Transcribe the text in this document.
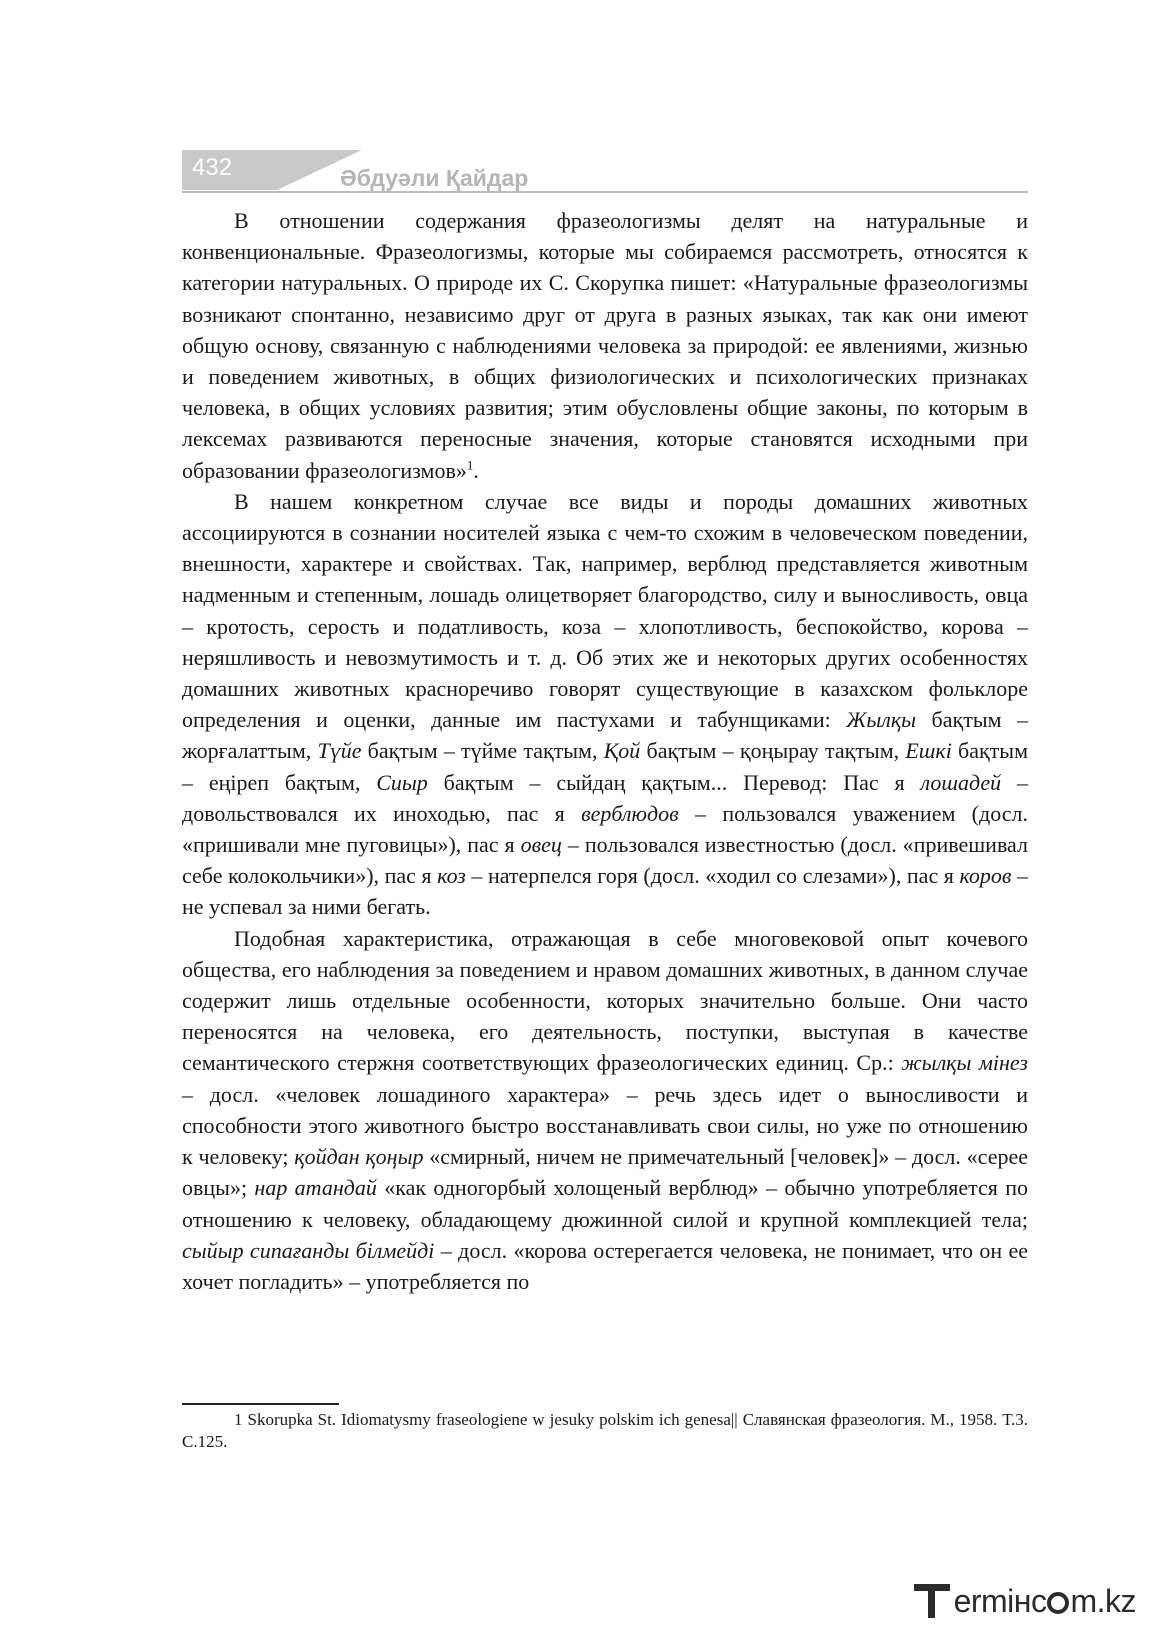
432	Әбдуәли Қайдар

В отношении содержания фразеологизмы делят на натуральные и конвенциональные. Фразеологизмы, которые мы собираемся рассмотреть, относятся к категории натуральных. О природе их С. Скорупка пишет: «Натуральные фразеологизмы возникают спонтанно, независимо друг от друга в разных языках, так как они имеют общую основу, связанную с наблюдениями человека за природой: ее явлениями, жизнью и поведением животных, в общих физиологических и психологических признаках человека, в общих условиях развития; этим обусловлены общие законы, по которым в лексемах развиваются переносные значения, которые становятся исходными при образовании фразеологизмов»$^1$.

В нашем конкретном случае все виды и породы домашних животных ассоциируются в сознании носителей языка с чем-то схожим в человеческом поведении, внешности, характере и свойствах. Так, например, верблюд представляется животным надменным и степенным, лошадь олицетворяет благородство, силу и выносливость, овца – кротость, серость и податливость, коза – хлопотливость, беспокойство, корова – неряшливость и невозмутимость и т. д. Об этих же и некоторых других особенностях домашних животных красноречиво говорят существующие в казахском фольклоре определения и оценки, данные им пастухами и табунщиками: Жылқы бақтым – жорғалаттым, Түйе бақтым – түйме тақтым, Қой бақтым – қоңырау тақтым, Ешкі бақтым – еңіреп бақтым, Сиыр бақтым – сыйдаң қақтым... Перевод: Пас я лошадей – довольствовался их иноходью, пас я верблюдов – пользовался уважением (досл. «пришивали мне пуговицы»), пас я овец – пользовался известностью (досл. «привешивал себе колокольчики»), пас я коз – натерпелся горя (досл. «ходил со слезами»), пас я коров – не успевал за ними бегать.

Подобная характеристика, отражающая в себе многовековой опыт кочевого общества, его наблюдения за поведением и нравом домашних животных, в данном случае содержит лишь отдельные особенности, которых значительно больше. Они часто переносятся на человека, его деятельность, поступки, выступая в качестве семантического стержня соответствующих фразеологических единиц. Ср.: жылқы мінез – досл. «человек лошадиного характера» – речь здесь идет о выносливости и способности этого животного быстро восстанавливать свои силы, но уже по отношению к человеку; қойдан қоңыр «смирный, ничем не примечательный [человек]» – досл. «серее овцы»; нар атандай «как одногорбый холощеный верблюд» – обычно употребляется по отношению к человеку, обладающему дюжинной силой и крупной комплекцией тела; сыйыр сипағанды білмейді – досл. «корова остерегается человека, не понимает, что он ее хочет погладить» – употребляется по

1 Skorupka St. Idiomatysmy fraseologiene w jesuky polskim ich genesa|| Славянская фразеология. М., 1958. Т.3. С.125.

ermінc m.kz
